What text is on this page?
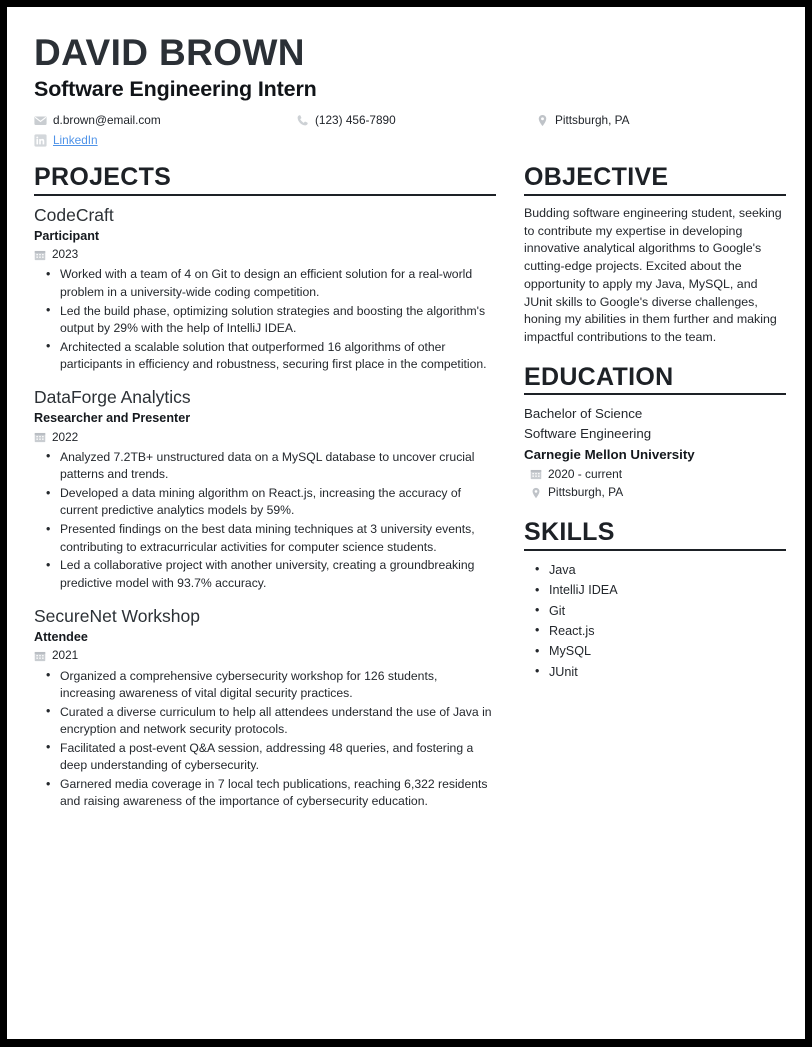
DAVID BROWN
Software Engineering Intern
d.brown@email.com	(123) 456-7890	Pittsburgh, PA
LinkedIn
PROJECTS
CodeCraft
Participant
2023
• Worked with a team of 4 on Git to design an efficient solution for a real-world problem in a university-wide coding competition.
• Led the build phase, optimizing solution strategies and boosting the algorithm's output by 29% with the help of IntelliJ IDEA.
• Architected a scalable solution that outperformed 16 algorithms of other participants in efficiency and robustness, securing first place in the competition.
DataForge Analytics
Researcher and Presenter
2022
• Analyzed 7.2TB+ unstructured data on a MySQL database to uncover crucial patterns and trends.
• Developed a data mining algorithm on React.js, increasing the accuracy of current predictive analytics models by 59%.
• Presented findings on the best data mining techniques at 3 university events, contributing to extracurricular activities for computer science students.
• Led a collaborative project with another university, creating a groundbreaking predictive model with 93.7% accuracy.
SecureNet Workshop
Attendee
2021
• Organized a comprehensive cybersecurity workshop for 126 students, increasing awareness of vital digital security practices.
• Curated a diverse curriculum to help all attendees understand the use of Java in encryption and network security protocols.
• Facilitated a post-event Q&A session, addressing 48 queries, and fostering a deep understanding of cybersecurity.
• Garnered media coverage in 7 local tech publications, reaching 6,322 residents and raising awareness of the importance of cybersecurity education.
OBJECTIVE
Budding software engineering student, seeking to contribute my expertise in developing innovative analytical algorithms to Google's cutting-edge projects. Excited about the opportunity to apply my Java, MySQL, and JUnit skills to Google's diverse challenges, honing my abilities in them further and making impactful contributions to the team.
EDUCATION
Bachelor of Science
Software Engineering
Carnegie Mellon University
2020 - current
Pittsburgh, PA
SKILLS
• Java
• IntelliJ IDEA
• Git
• React.js
• MySQL
• JUnit
